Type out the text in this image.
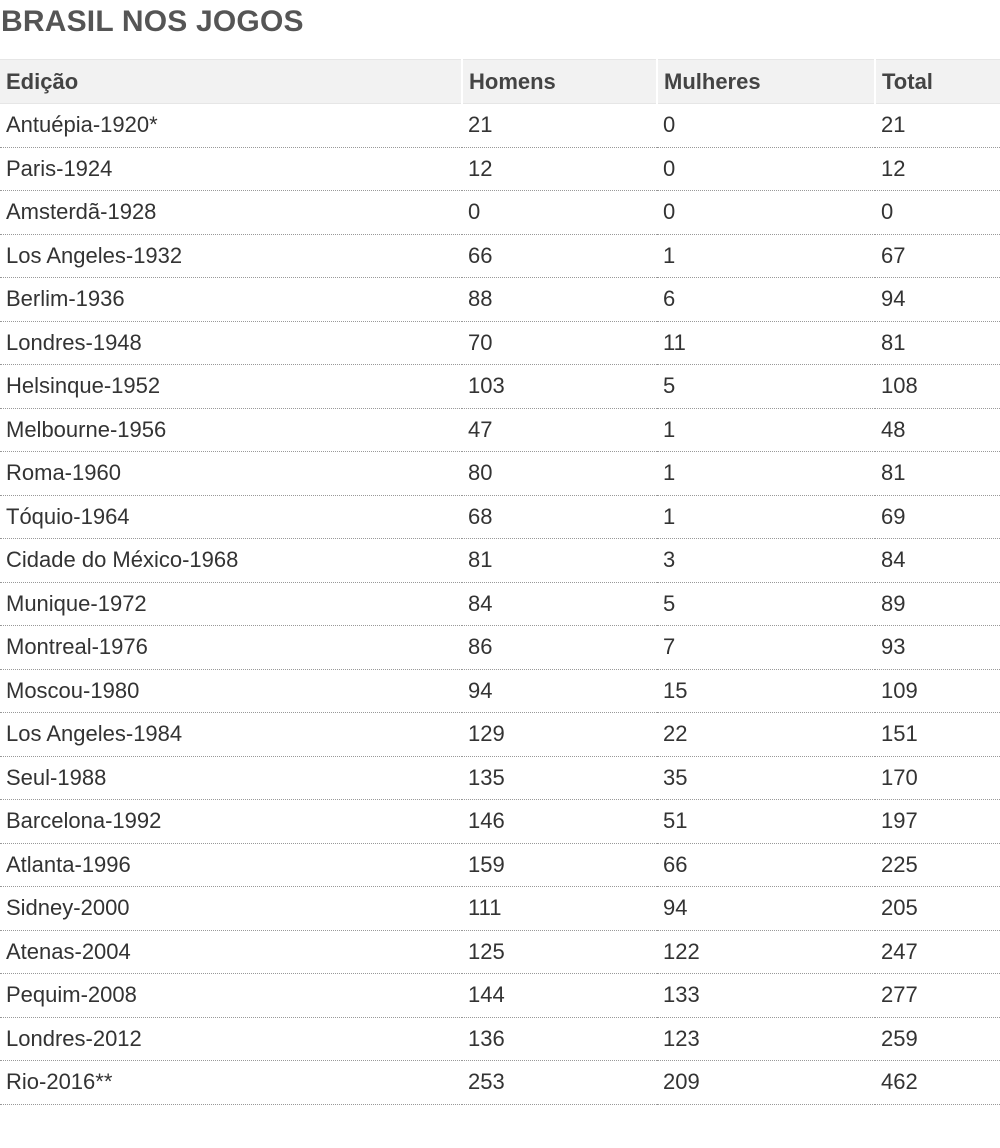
BRASIL NOS JOGOS
Edição	Homens	Mulheres	Total
Antuépia-1920*	21	0	21
Paris-1924	12	0	12
Amsterdã-1928	0	0	0
Los Angeles-1932	66	1	67
Berlim-1936	88	6	94
Londres-1948	70	11	81
Helsinque-1952	103	5	108
Melbourne-1956	47	1	48
Roma-1960	80	1	81
Tóquio-1964	68	1	69
Cidade do México-1968	81	3	84
Munique-1972	84	5	89
Montreal-1976	86	7	93
Moscou-1980	94	15	109
Los Angeles-1984	129	22	151
Seul-1988	135	35	170
Barcelona-1992	146	51	197
Atlanta-1996	159	66	225
Sidney-2000	111	94	205
Atenas-2004	125	122	247
Pequim-2008	144	133	277
Londres-2012	136	123	259
Rio-2016**	253	209	462
